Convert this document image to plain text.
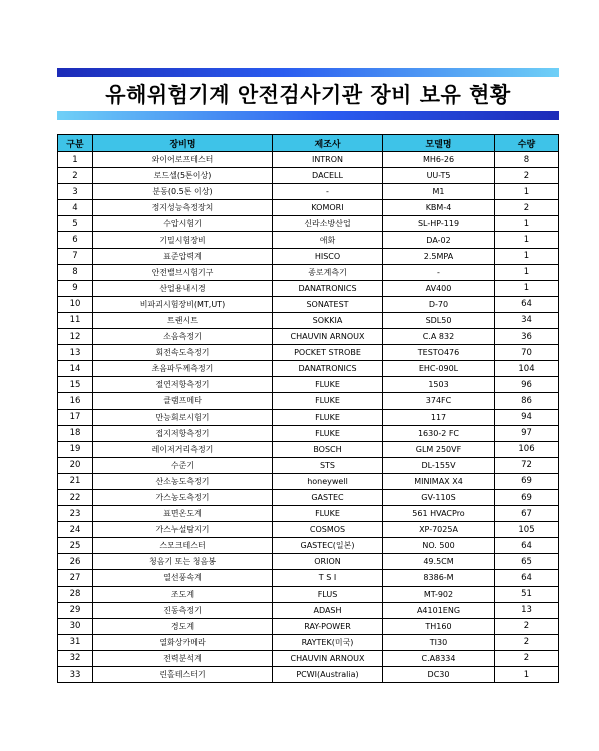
유해위험기계 안전검사기관 장비 보유 현황
구분	장비명	제조사	모델명	수량
1	와이어로프테스터	INTRON	MH6-26	8
2	로드셀(5톤이상)	DACELL	UU-T5	2
3	분동(0.5톤 이상)	-	M1	1
4	정지성능측정장치	KOMORI	KBM-4	2
5	수압시험기	신라소방산업	SL-HP-119	1
6	기밀시험장비	애화	DA-02	1
7	표준압력계	HISCO	2.5MPA	1
8	안전밸브시험기구	종로계측기	-	1
9	산업용내시경	DANATRONICS	AV400	1
10	비파괴시험장비(MT,UT)	SONATEST	D-70	64
11	트랜시트	SOKKIA	SDL50	34
12	소음측정기	CHAUVIN ARNOUX	C.A 832	36
13	회전속도측정기	POCKET STROBE	TESTO476	70
14	초음파두께측정기	DANATRONICS	EHC-090L	104
15	절연저항측정기	FLUKE	1503	96
16	클램프메타	FLUKE	374FC	86
17	만능회로시험기	FLUKE	117	94
18	접지저항측정기	FLUKE	1630-2 FC	97
19	레이저거리측정기	BOSCH	GLM 250VF	106
20	수준기	STS	DL-155V	72
21	산소농도측정기	honeywell	MINIMAX X4	69
22	가스농도측정기	GASTEC	GV-110S	69
23	표면온도계	FLUKE	561 HVACPro	67
24	가스누설탐지기	COSMOS	XP-7025A	105
25	스모크테스터	GASTEC(일본)	NO. 500	64
26	청음기 또는 청음봉	ORION	49.5CM	65
27	열선풍속계	T S I	8386-M	64
28	조도계	FLUS	MT-902	51
29	진동측정기	ADASH	A4101ENG	13
30	경도계	RAY-POWER	TH160	2
31	열화상카메라	RAYTEK(미국)	TI30	2
32	전력분석계	CHAUVIN ARNOUX	C.A8334	2
33	린홀테스터기	PCWI(Australia)	DC30	1
